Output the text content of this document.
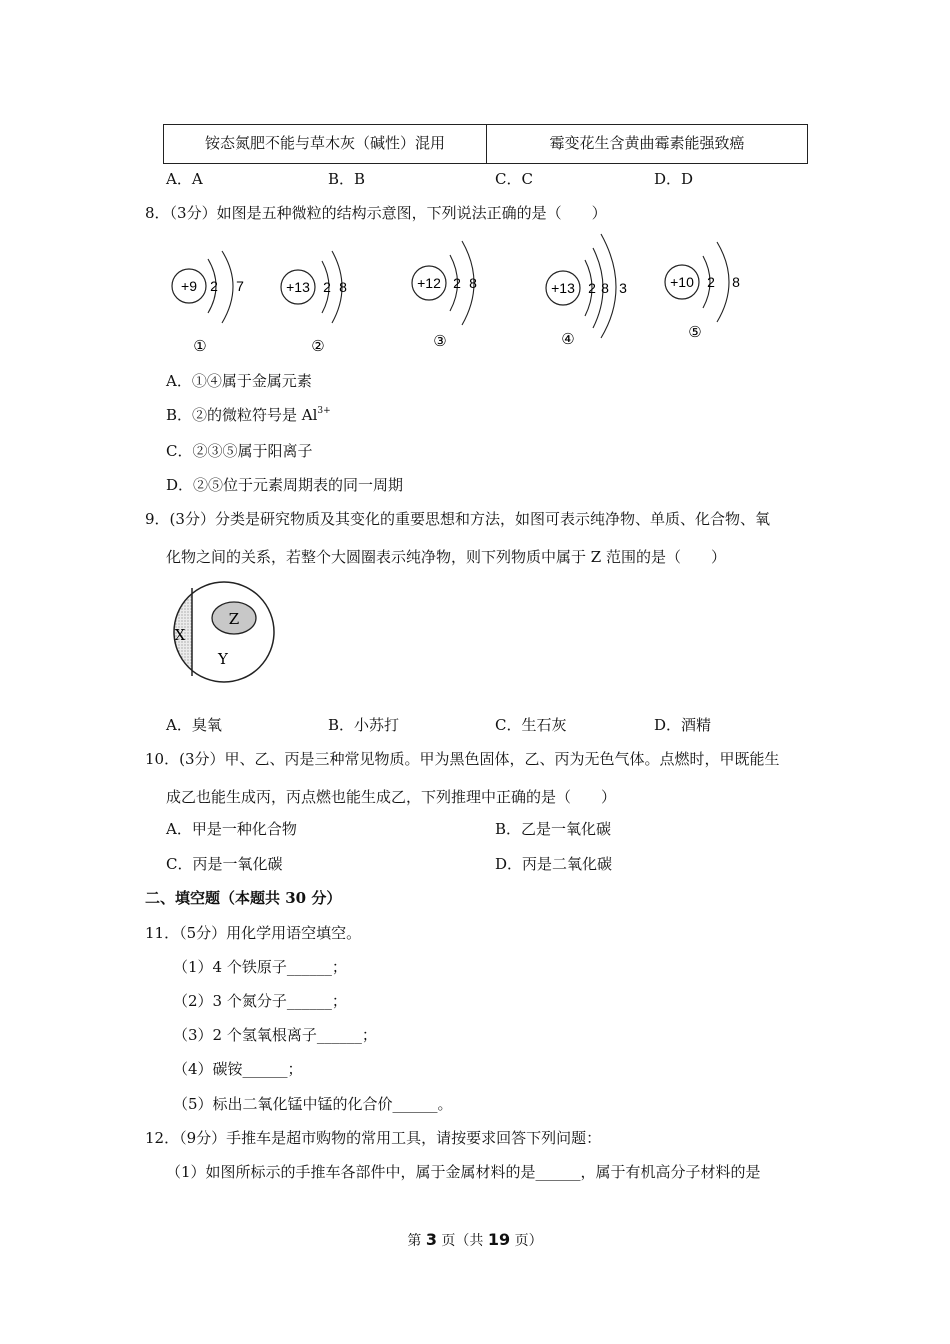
铵态氮肥不能与草木灰（碱性）混用	霉变花生含黄曲霉素能强致癌
A．A	B．B	C．C	D．D
8．（3分）如图是五种微粒的结构示意图，下列说法正确的是（　　）
+9 2 7
①
+13 2 8
②
+12 2 8
③
+13 2 8 3
④
+10 2 8
⑤
A．①④属于金属元素
B．②的微粒符号是 $Al^{3+}$
C．②③⑤属于阳离子
D．②⑤位于元素周期表的同一周期
9．(3分）分类是研究物质及其变化的重要思想和方法，如图可表示纯净物、单质、化合物、氧
化物之间的关系，若整个大圆圈表示纯净物，则下列物质中属于 Z 范围的是（　　）
Z
X
Y
A．臭氧	B．小苏打	C．生石灰	D．酒精
10．(3分）甲、乙、丙是三种常见物质。甲为黑色固体，乙、丙为无色气体。点燃时，甲既能生
成乙也能生成丙，丙点燃也能生成乙，下列推理中正确的是（　　）
A．甲是一种化合物	B．乙是一氧化碳
C．丙是一氧化碳	D．丙是二氧化碳
二、填空题（本题共 30 分）
11．（5分）用化学用语空填空。
（1）4 个铁原子______；
（2）3 个氮分子______；
（3）2 个氢氧根离子______；
（4）碳铵______；
（5）标出二氧化锰中锰的化合价______。
12．（9分）手推车是超市购物的常用工具，请按要求回答下列问题：
（1）如图所标示的手推车各部件中，属于金属材料的是______，属于有机高分子材料的是
第 3 页（共 19 页）
